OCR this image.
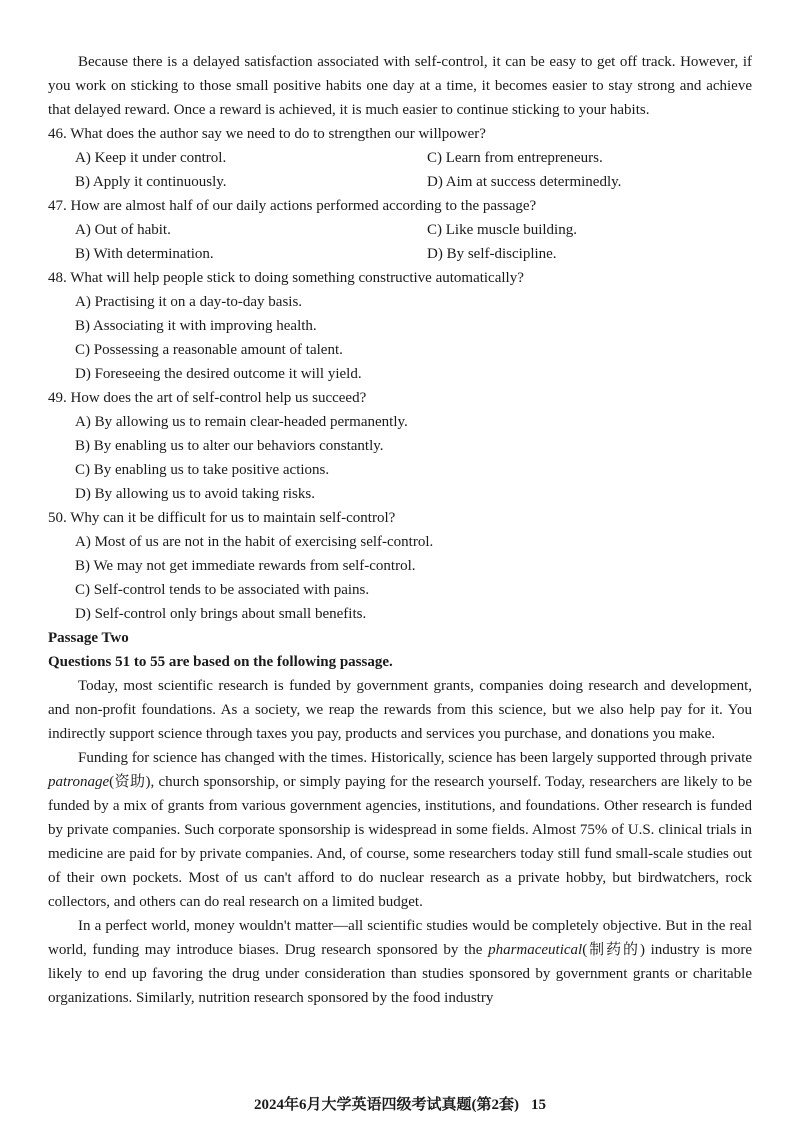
Because there is a delayed satisfaction associated with self-control, it can be easy to get off track. However, if you work on sticking to those small positive habits one day at a time, it becomes easier to stay strong and achieve that delayed reward. Once a reward is achieved, it is much easier to continue sticking to your habits.

46. What does the author say we need to do to strengthen our willpower?
A) Keep it under control.	C) Learn from entrepreneurs.
B) Apply it continuously.	D) Aim at success determinedly.
47. How are almost half of our daily actions performed according to the passage?
A) Out of habit.	C) Like muscle building.
B) With determination.	D) By self-discipline.
48. What will help people stick to doing something constructive automatically?
A) Practising it on a day-to-day basis.
B) Associating it with improving health.
C) Possessing a reasonable amount of talent.
D) Foreseeing the desired outcome it will yield.
49. How does the art of self-control help us succeed?
A) By allowing us to remain clear-headed permanently.
B) By enabling us to alter our behaviors constantly.
C) By enabling us to take positive actions.
D) By allowing us to avoid taking risks.
50. Why can it be difficult for us to maintain self-control?
A) Most of us are not in the habit of exercising self-control.
B) We may not get immediate rewards from self-control.
C) Self-control tends to be associated with pains.
D) Self-control only brings about small benefits.
Passage Two
Questions 51 to 55 are based on the following passage.

Today, most scientific research is funded by government grants, companies doing research and development, and non-profit foundations. As a society, we reap the rewards from this science, but we also help pay for it. You indirectly support science through taxes you pay, products and services you purchase, and donations you make.

Funding for science has changed with the times. Historically, science has been largely supported through private patronage(资助), church sponsorship, or simply paying for the research yourself. Today, researchers are likely to be funded by a mix of grants from various government agencies, institutions, and foundations. Other research is funded by private companies. Such corporate sponsorship is widespread in some fields. Almost 75% of U.S. clinical trials in medicine are paid for by private companies. And, of course, some researchers today still fund small-scale studies out of their own pockets. Most of us can't afford to do nuclear research as a private hobby, but birdwatchers, rock collectors, and others can do real research on a limited budget.

In a perfect world, money wouldn't matter—all scientific studies would be completely objective. But in the real world, funding may introduce biases. Drug research sponsored by the pharmaceutical(制药的) industry is more likely to end up favoring the drug under consideration than studies sponsored by government grants or charitable organizations. Similarly, nutrition research sponsored by the food industry

2024年6月大学英语四级考试真题(第2套) 15
